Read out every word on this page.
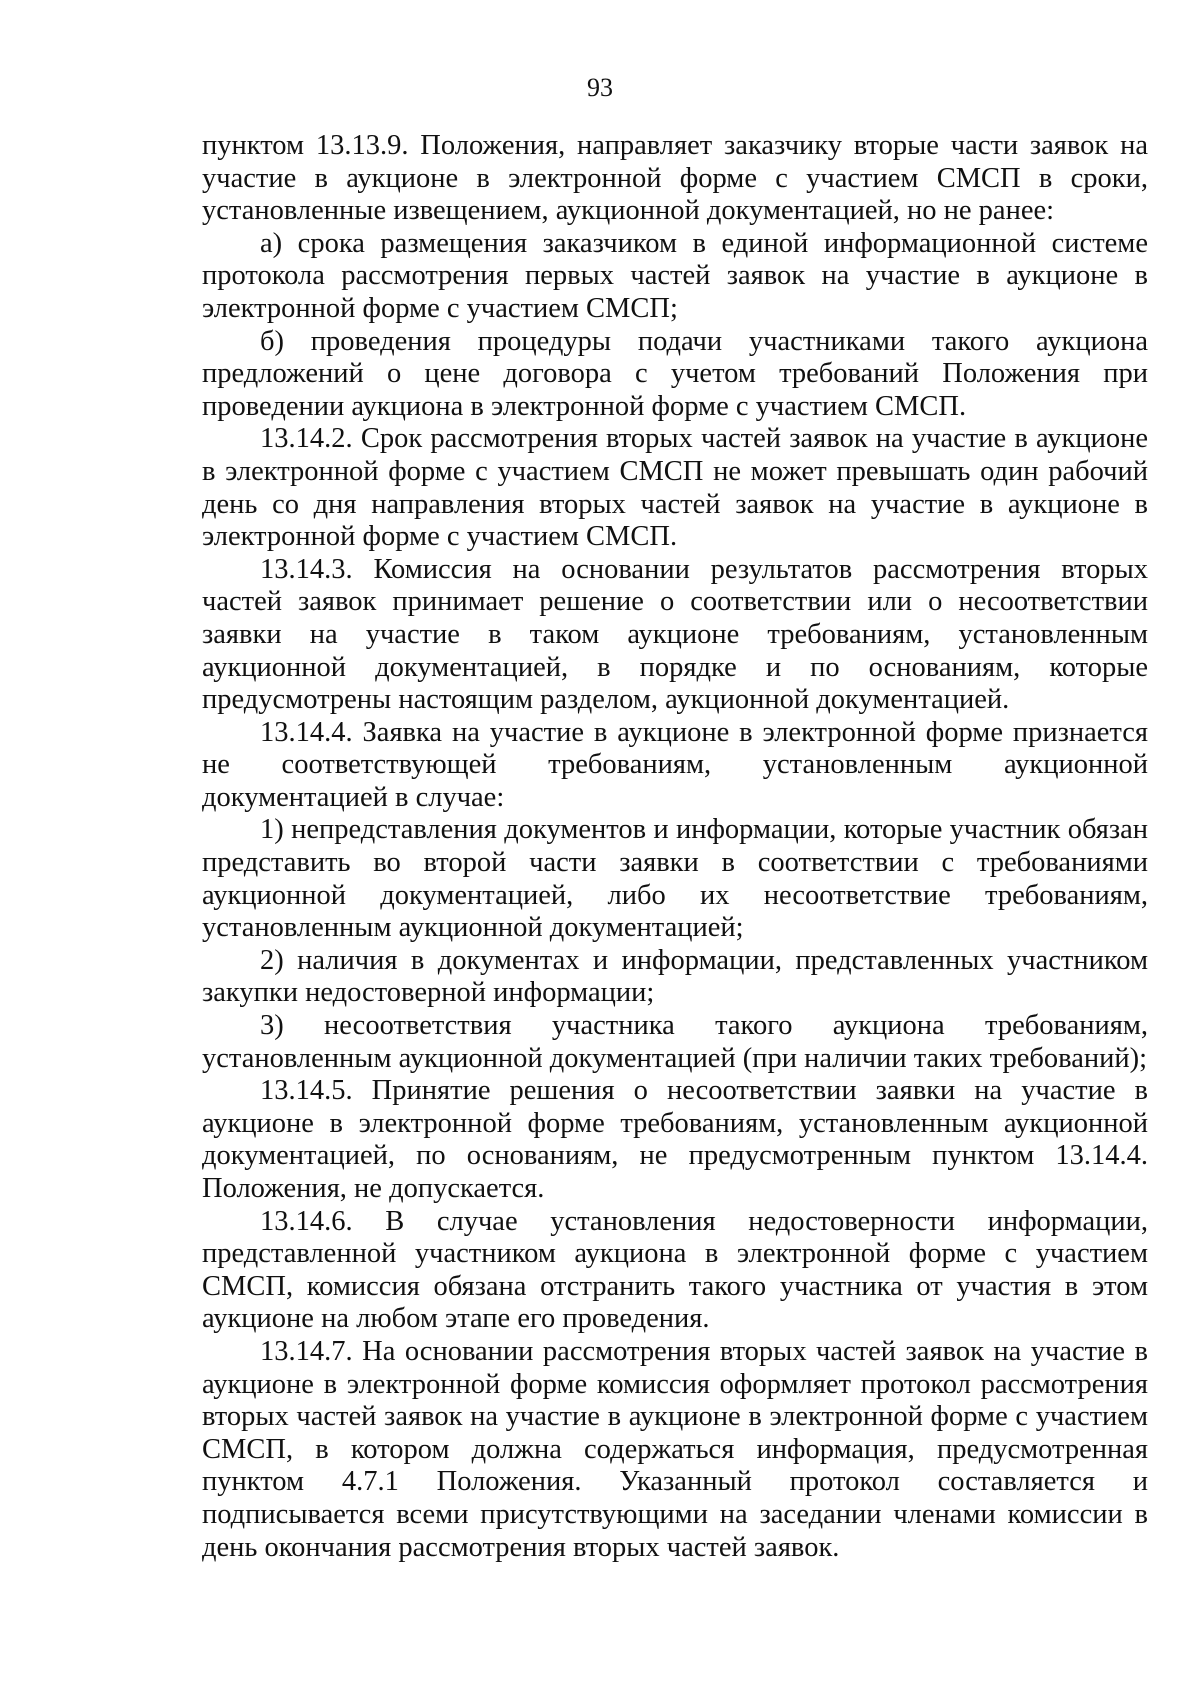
93

пунктом 13.13.9. Положения, направляет заказчику вторые части заявок на участие в аукционе в электронной форме с участием СМСП в сроки, установленные извещением, аукционной документацией, но не ранее:

а) срока размещения заказчиком в единой информационной системе протокола рассмотрения первых частей заявок на участие в аукционе в электронной форме с участием СМСП;

б) проведения процедуры подачи участниками такого аукциона предложений о цене договора с учетом требований Положения при проведении аукциона в электронной форме с участием СМСП.

13.14.2. Срок рассмотрения вторых частей заявок на участие в аукционе в электронной форме с участием СМСП не может превышать один рабочий день со дня направления вторых частей заявок на участие в аукционе в электронной форме с участием СМСП.

13.14.3. Комиссия на основании результатов рассмотрения вторых частей заявок принимает решение о соответствии или о несоответствии заявки на участие в таком аукционе требованиям, установленным аукционной документацией, в порядке и по основаниям, которые предусмотрены настоящим разделом, аукционной документацией.

13.14.4. Заявка на участие в аукционе в электронной форме признается не соответствующей требованиям, установленным аукционной документацией в случае:

1) непредставления документов и информации, которые участник обязан представить во второй части заявки в соответствии с требованиями аукционной документацией, либо их несоответствие требованиям, установленным аукционной документацией;

2) наличия в документах и информации, представленных участником закупки недостоверной информации;

3) несоответствия участника такого аукциона требованиям, установленным аукционной документацией (при наличии таких требований);

13.14.5. Принятие решения о несоответствии заявки на участие в аукционе в электронной форме требованиям, установленным аукционной документацией, по основаниям, не предусмотренным пунктом 13.14.4. Положения, не допускается.

13.14.6. В случае установления недостоверности информации, представленной участником аукциона в электронной форме с участием СМСП, комиссия обязана отстранить такого участника от участия в этом аукционе на любом этапе его проведения.

13.14.7. На основании рассмотрения вторых частей заявок на участие в аукционе в электронной форме комиссия оформляет протокол рассмотрения вторых частей заявок на участие в аукционе в электронной форме с участием СМСП, в котором должна содержаться информация, предусмотренная пунктом 4.7.1 Положения. Указанный протокол составляется и подписывается всеми присутствующими на заседании членами комиссии в день окончания рассмотрения вторых частей заявок.
